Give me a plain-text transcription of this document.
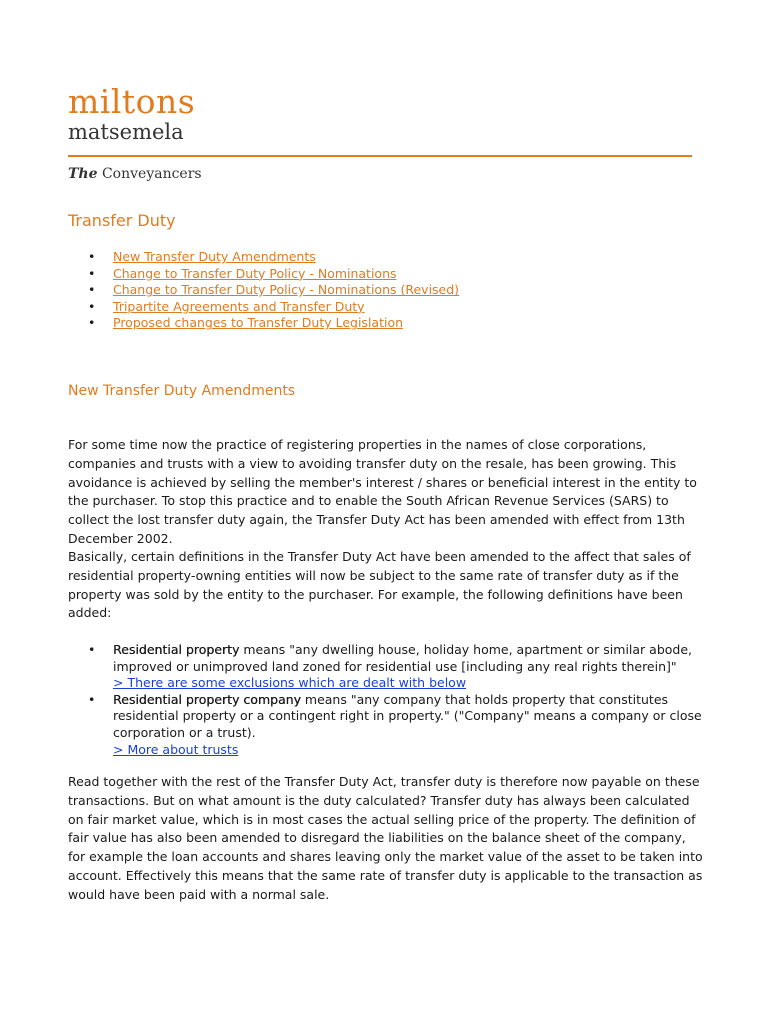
miltons
matsemela
The Conveyancers
Transfer Duty
• New Transfer Duty Amendments
• Change to Transfer Duty Policy - Nominations
• Change to Transfer Duty Policy - Nominations (Revised)
• Tripartite Agreements and Transfer Duty
• Proposed changes to Transfer Duty Legislation
New Transfer Duty Amendments

For some time now the practice of registering properties in the names of close corporations, companies and trusts with a view to avoiding transfer duty on the resale, has been growing. This avoidance is achieved by selling the member's interest / shares or beneficial interest in the entity to the purchaser. To stop this practice and to enable the South African Revenue Services (SARS) to collect the lost transfer duty again, the Transfer Duty Act has been amended with effect from 13th December 2002.

Basically, certain definitions in the Transfer Duty Act have been amended to the affect that sales of residential property-owning entities will now be subject to the same rate of transfer duty as if the property was sold by the entity to the purchaser. For example, the following definitions have been added:

• Residential property means "any dwelling house, holiday home, apartment or similar abode, improved or unimproved land zoned for residential use [including any real rights therein]"
> There are some exclusions which are dealt with below
• Residential property company means "any company that holds property that constitutes residential property or a contingent right in property." ("Company" means a company or close corporation or a trust).
> More about trusts

Read together with the rest of the Transfer Duty Act, transfer duty is therefore now payable on these transactions. But on what amount is the duty calculated? Transfer duty has always been calculated on fair market value, which is in most cases the actual selling price of the property. The definition of fair value has also been amended to disregard the liabilities on the balance sheet of the company, for example the loan accounts and shares leaving only the market value of the asset to be taken into account. Effectively this means that the same rate of transfer duty is applicable to the transaction as would have been paid with a normal sale.
